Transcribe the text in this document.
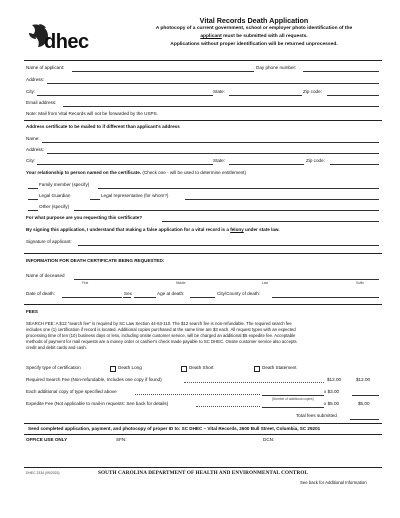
dhec
Vital Records Death Application
A photocopy of a current government, school or employer photo identification of the
applicant must be submitted with all requests.
Applications without proper identification will be returned unprocessed.
Name of applicant:	Day phone number:
Address:
City:	State:	Zip code:
Email address:
Note: Mail from Vital Records will not be forwarded by the USPS.
Address certificate to be mailed to if different than applicant's address
Name:
Address:
City:	State:	Zip code:
Your relationship to person named on the certificate. (Check one - will be used to determine entitlement)
Family member (specify)
Legal Guardian	Legal representative (for whom?)
Other (specify)
For what purpose are you requesting this certificate?
By signing this application, I understand that making a false application for a vital record is a felony under state law.
Signature of applicant:
INFORMATION FOR DEATH CERTIFICATE BEING REQUESTED:
Name of deceased
First	Middle	Last	Suffix
Date of death:	Sex	Age at death:	City/County of death:
FEES
SEARCH FEE: A $12 "search fee" is required by SC Law Section 44-63-110. The $12 search fee is non-refundable. The required search fee
includes one (1) certification if record is located. Additional copies purchased at the same time are $3 each. All request types with an expected
processing time of ten (10) business days or less, including onsite customer service, will be charged an additional $5 expedite fee. Acceptable
methods of payment for mail requests are a money order or cashier's check made payable to SC DHEC. Onsite customer service also accepts
credit and debit cards and cash.
Specify type of certification	Death Long	Death Short	Death Statement
Required Search Fee (Non-refundable, Includes one copy if found)	$12.00	$12.00
Each additional copy of type specified above	x $3.00
(Number of additional copies)
Expedite Fee (Not applicable to mail-in requests: See back for details)	x $5.00	$5.00
Total fees submitted
Send completed application, payment, and photocopy of proper ID to: SC DHEC – Vital Records, 2600 Bull Street, Columbia, SC 29201
OFFICE USE ONLY	SFN:	DCN:
DHEC 2334 (09/2023)	SOUTH CAROLINA DEPARTMENT OF HEALTH AND ENVIRONMENTAL CONTROL
See back for Additional Information
